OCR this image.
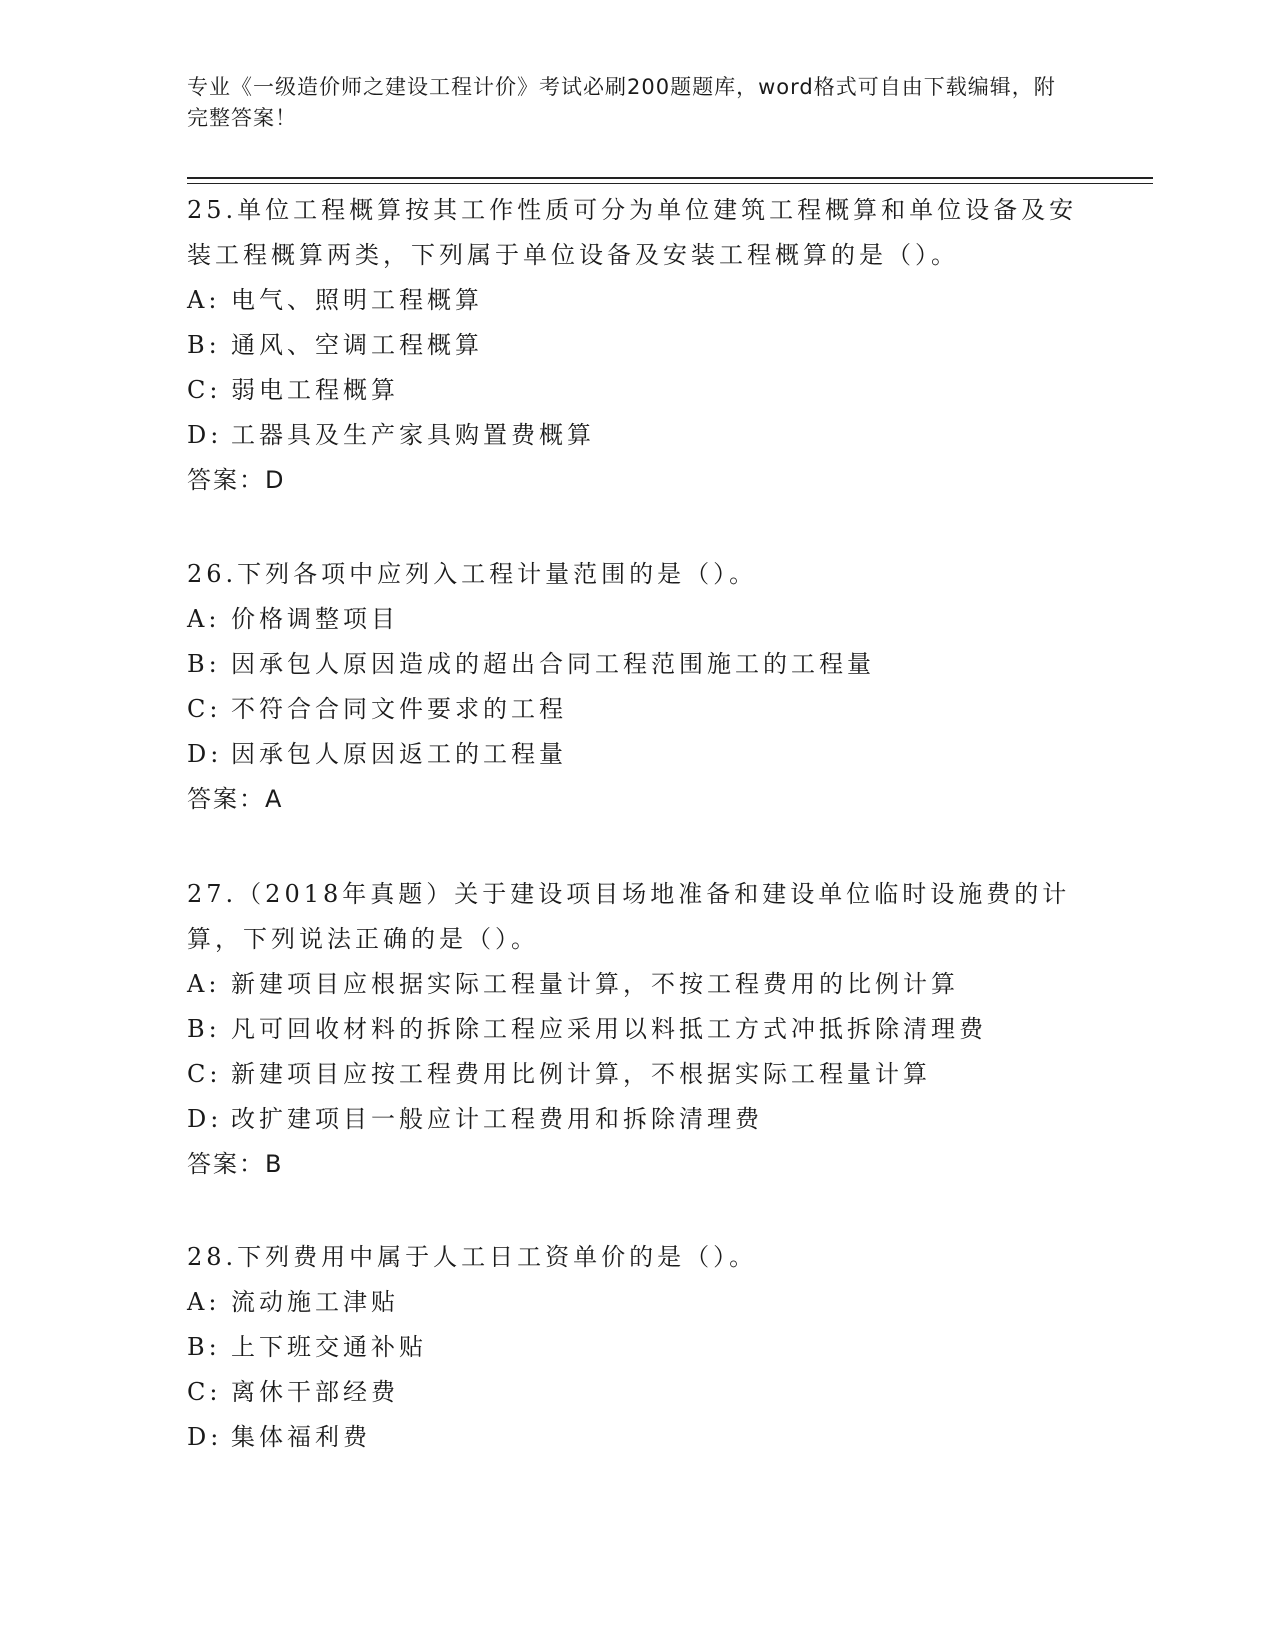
专业《一级造价师之建设工程计价》考试必刷200题题库，word格式可自由下载编辑，附完整答案！

25.单位工程概算按其工作性质可分为单位建筑工程概算和单位设备及安装工程概算两类，下列属于单位设备及安装工程概算的是（）。

A: 电气、照明工程概算

B: 通风、空调工程概算

C: 弱电工程概算

D: 工器具及生产家具购置费概算

答案：D

26.下列各项中应列入工程计量范围的是（）。

A: 价格调整项目

B: 因承包人原因造成的超出合同工程范围施工的工程量

C: 不符合合同文件要求的工程

D: 因承包人原因返工的工程量

答案：A

27.（2018年真题）关于建设项目场地准备和建设单位临时设施费的计算，下列说法正确的是（）。

A: 新建项目应根据实际工程量计算，不按工程费用的比例计算

B: 凡可回收材料的拆除工程应采用以料抵工方式冲抵拆除清理费

C: 新建项目应按工程费用比例计算，不根据实际工程量计算

D: 改扩建项目一般应计工程费用和拆除清理费

答案：B

28.下列费用中属于人工日工资单价的是（）。

A: 流动施工津贴

B: 上下班交通补贴

C: 离休干部经费

D: 集体福利费
